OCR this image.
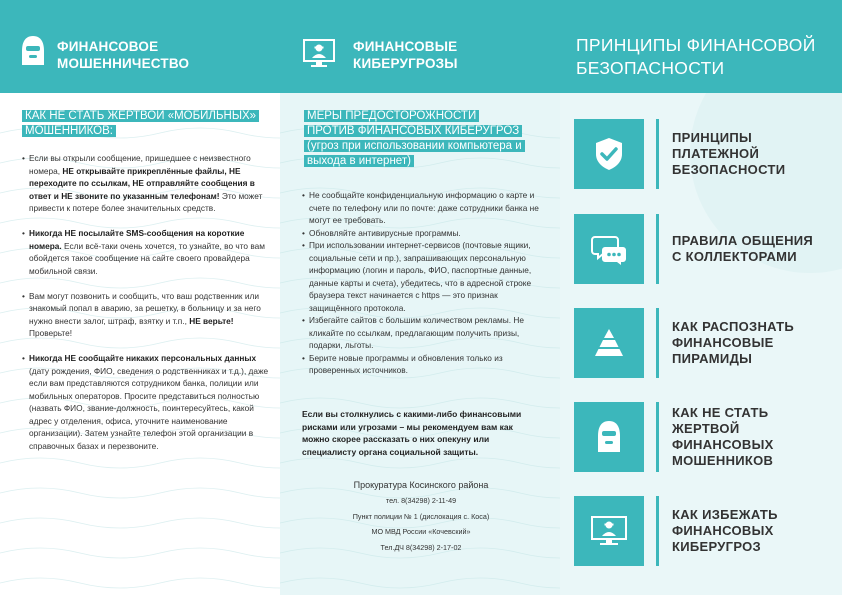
ФИНАНСОВОЕ МОШЕННИЧЕСТВО
КАК НЕ СТАТЬ ЖЕРТВОЙ «МОБИЛЬНЫХ» МОШЕННИКОВ:
• Если вы открыли сообщение, пришедшее с неизвестного номера, НЕ открывайте прикреплённые файлы, НЕ переходите по ссылкам, НЕ отправляйте сообщения в ответ и НЕ звоните по указанным телефонам! Это может привести к потере более значительных средств.
• Никогда НЕ посылайте SMS-сообщения на короткие номера. Если всё-таки очень хочется, то узнайте, во что вам обойдется такое сообщение на сайте своего провайдера мобильной связи.
• Вам могут позвонить и сообщить, что ваш родственник или знакомый попал в аварию, за решетку, в больницу и за него нужно внести залог, штраф, взятку и т.п., НЕ верьте! Проверьте!
• Никогда НЕ сообщайте никаких персональных данных (дату рождения, ФИО, сведения о родственниках и т.д.), даже если вам представляются сотрудником банка, полиции или мобильных операторов. Просите представиться полностью (назвать ФИО, звание-должность, поинтересуйтесь, какой адрес у отделения, офиса, уточните наименование организации). Затем узнайте телефон этой организации в справочных базах и перезвоните.
ФИНАНСОВЫЕ КИБЕРУГРОЗЫ
МЕРЫ ПРЕДОСТОРОЖНОСТИ ПРОТИВ ФИНАНСОВЫХ КИБЕРУГРОЗ (угроз при использовании компьютера и выхода в интернет)
• Не сообщайте конфиденциальную информацию о карте и счете по телефону или по почте: даже сотрудники банка не могут ее требовать.
• Обновляйте антивирусные программы.
• При использовании интернет-сервисов (почтовые ящики, социальные сети и пр.), запрашивающих персональную информацию (логин и пароль, ФИО, паспортные данные, данные карты и счета), убедитесь, что в адресной строке браузера текст начинается с https — это признак защищённого протокола.
• Избегайте сайтов с большим количеством рекламы. Не кликайте по ссылкам, предлагающим получить призы, подарки, льготы.
• Берите новые программы и обновления только из проверенных источников.
Если вы столкнулись с какими-либо финансовыми рисками или угрозами – мы рекомендуем вам как можно скорее рассказать о них опекуну или специалисту органа социальной защиты.
Прокуратура Косинского района
тел. 8(34298) 2-11-49
Пункт полиции № 1 (дислокация с. Коса)
МО МВД России «Кочевский»
Тел.ДЧ 8(34298) 2-17-02
ПРИНЦИПЫ ФИНАНСОВОЙ БЕЗОПАСНОСТИ
ПРИНЦИПЫ ПЛАТЕЖНОЙ БЕЗОПАСНОСТИ
ПРАВИЛА ОБЩЕНИЯ С КОЛЛЕКТОРАМИ
КАК РАСПОЗНАТЬ ФИНАНСОВЫЕ ПИРАМИДЫ
КАК НЕ СТАТЬ ЖЕРТВОЙ ФИНАНСОВЫХ МОШЕННИКОВ
КАК ИЗБЕЖАТЬ ФИНАНСОВЫХ КИБЕРУГРОЗ
